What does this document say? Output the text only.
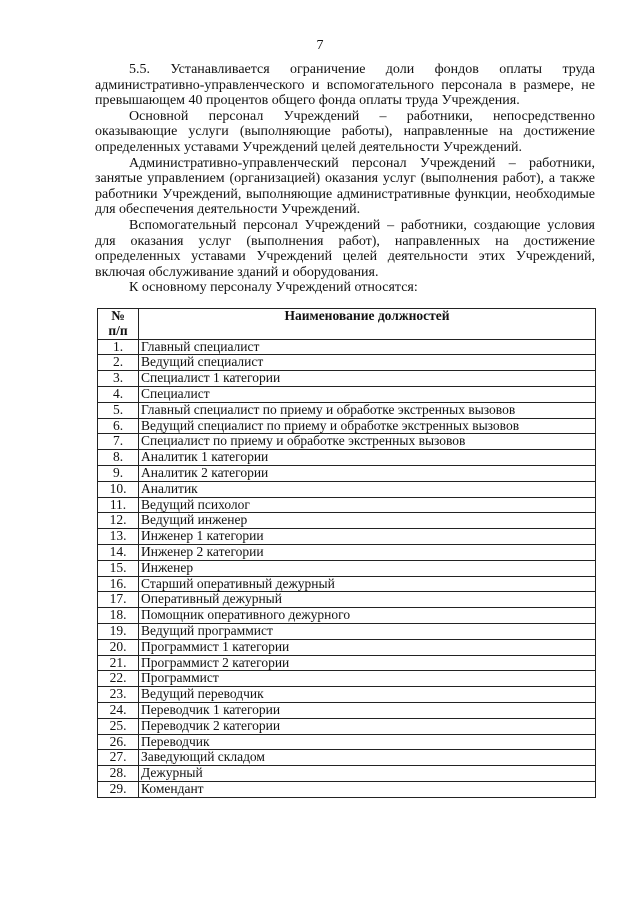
7

5.5. Устанавливается ограничение доли фондов оплаты труда административно-управленческого и вспомогательного персонала в размере, не превышающем 40 процентов общего фонда оплаты труда Учреждения.

Основной персонал Учреждений – работники, непосредственно оказывающие услуги (выполняющие работы), направленные на достижение определенных уставами Учреждений целей деятельности Учреждений.

Административно-управленческий персонал Учреждений – работники, занятые управлением (организацией) оказания услуг (выполнения работ), а также работники Учреждений, выполняющие административные функции, необходимые для обеспечения деятельности Учреждений.

Вспомогательный персонал Учреждений – работники, создающие условия для оказания услуг (выполнения работ), направленных на достижение определенных уставами Учреждений целей деятельности этих Учреждений, включая обслуживание зданий и оборудования.

К основному персоналу Учреждений относятся:

№
п/п	Наименование должностей
1.	Главный специалист
2.	Ведущий специалист
3.	Специалист 1 категории
4.	Специалист
5.	Главный специалист по приему и обработке экстренных вызовов
6.	Ведущий специалист по приему и обработке экстренных вызовов
7.	Специалист по приему и обработке экстренных вызовов
8.	Аналитик 1 категории
9.	Аналитик 2 категории
10.	Аналитик
11.	Ведущий психолог
12.	Ведущий инженер
13.	Инженер 1 категории
14.	Инженер 2 категории
15.	Инженер
16.	Старший оперативный дежурный
17.	Оперативный дежурный
18.	Помощник оперативного дежурного
19.	Ведущий программист
20.	Программист 1 категории
21.	Программист 2 категории
22.	Программист
23.	Ведущий переводчик
24.	Переводчик 1 категории
25.	Переводчик 2 категории
26.	Переводчик
27.	Заведующий складом
28.	Дежурный
29.	Комендант
